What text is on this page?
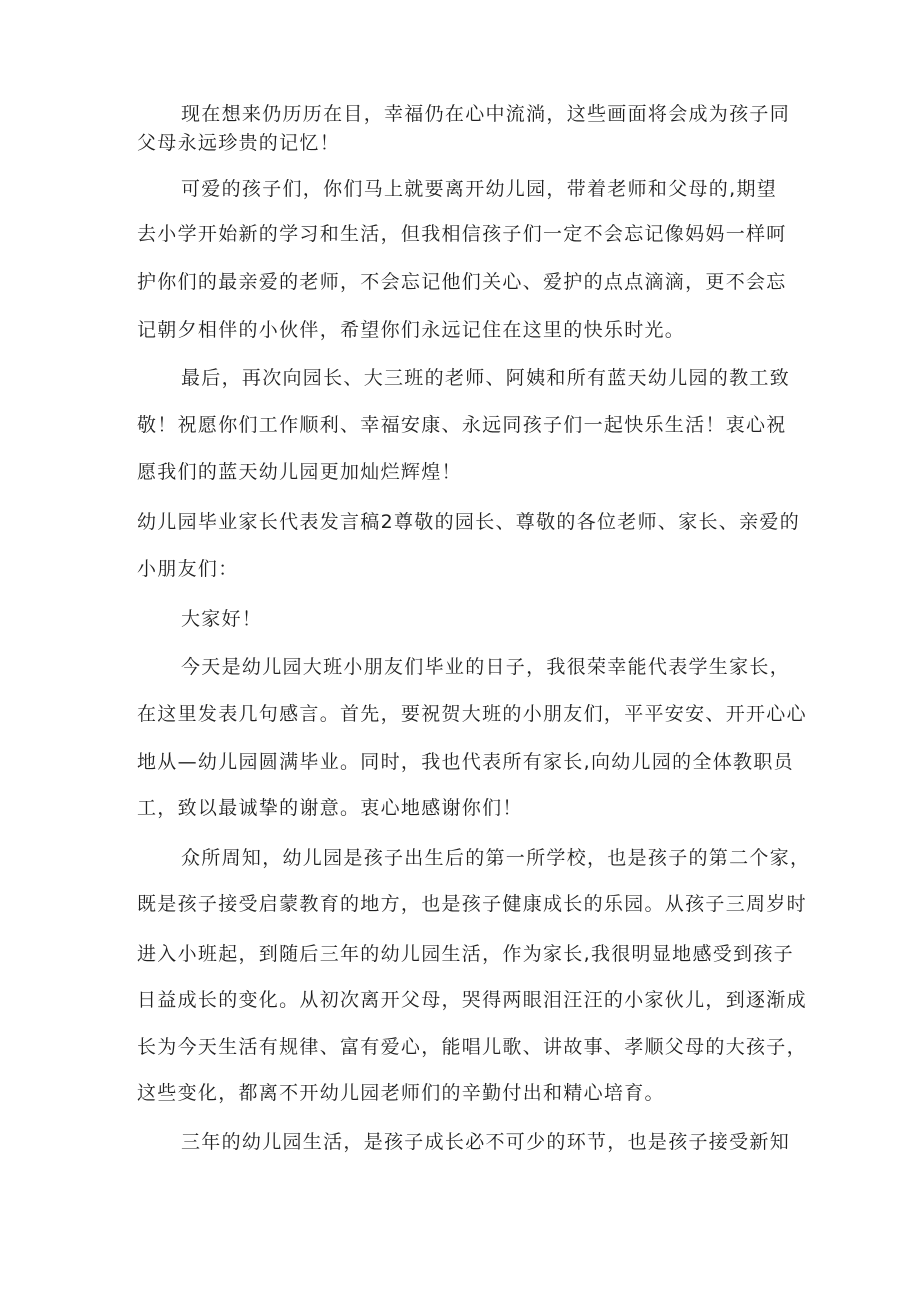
现在想来仍历历在目，幸福仍在心中流淌，这些画面将会成为孩子同
父母永远珍贵的记忆！
可爱的孩子们，你们马上就要离开幼儿园，带着老师和父母的,期望
去小学开始新的学习和生活，但我相信孩子们一定不会忘记像妈妈一样呵
护你们的最亲爱的老师，不会忘记他们关心、爱护的点点滴滴，更不会忘
记朝夕相伴的小伙伴，希望你们永远记住在这里的快乐时光。
最后，再次向园长、大三班的老师、阿姨和所有蓝天幼儿园的教工致
敬！祝愿你们工作顺利、幸福安康、永远同孩子们一起快乐生活！衷心祝
愿我们的蓝天幼儿园更加灿烂辉煌！
幼儿园毕业家长代表发言稿2尊敬的园长、尊敬的各位老师、家长、亲爱的
小朋友们：
大家好！
今天是幼儿园大班小朋友们毕业的日子，我很荣幸能代表学生家长，
在这里发表几句感言。首先，要祝贺大班的小朋友们，平平安安、开开心心
地从—幼儿园圆满毕业。同时，我也代表所有家长,向幼儿园的全体教职员
工，致以最诚挚的谢意。衷心地感谢你们！
众所周知，幼儿园是孩子出生后的第一所学校，也是孩子的第二个家，
既是孩子接受启蒙教育的地方，也是孩子健康成长的乐园。从孩子三周岁时
进入小班起，到随后三年的幼儿园生活，作为家长,我很明显地感受到孩子
日益成长的变化。从初次离开父母，哭得两眼泪汪汪的小家伙儿，到逐渐成
长为今天生活有规律、富有爱心，能唱儿歌、讲故事、孝顺父母的大孩子，
这些变化，都离不开幼儿园老师们的辛勤付出和精心培育。
三年的幼儿园生活，是孩子成长必不可少的环节，也是孩子接受新知
